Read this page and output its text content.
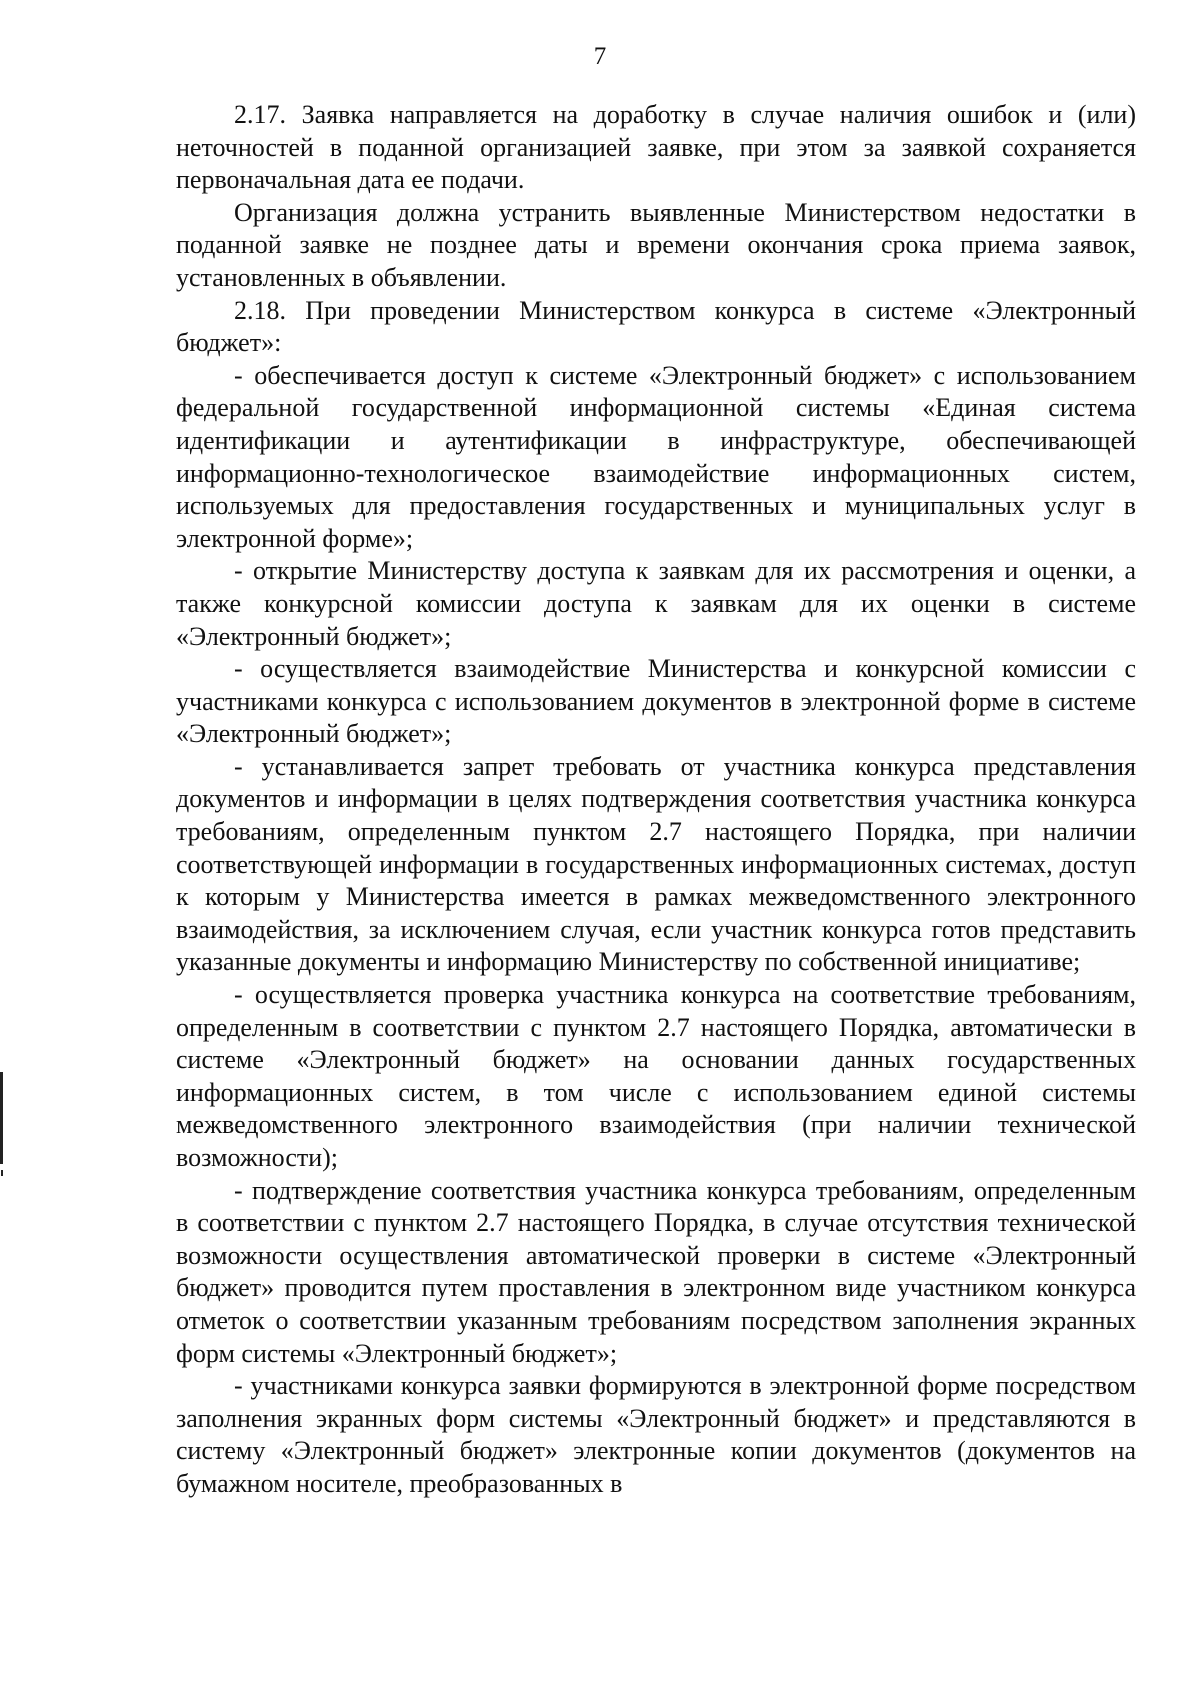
7

2.17. Заявка направляется на доработку в случае наличия ошибок и (или) неточностей в поданной организацией заявке, при этом за заявкой сохраняется первоначальная дата ее подачи.

Организация должна устранить выявленные Министерством недостатки в поданной заявке не позднее даты и времени окончания срока приема заявок, установленных в объявлении.

2.18. При проведении Министерством конкурса в системе «Электронный бюджет»:

- обеспечивается доступ к системе «Электронный бюджет» с использованием федеральной государственной информационной системы «Единая система идентификации и аутентификации в инфраструктуре, обеспечивающей информационно-технологическое взаимодействие информационных систем, используемых для предоставления государственных и муниципальных услуг в электронной форме»;

- открытие Министерству доступа к заявкам для их рассмотрения и оценки, а также конкурсной комиссии доступа к заявкам для их оценки в системе «Электронный бюджет»;

- осуществляется взаимодействие Министерства и конкурсной комиссии с участниками конкурса с использованием документов в электронной форме в системе «Электронный бюджет»;

- устанавливается запрет требовать от участника конкурса представления документов и информации в целях подтверждения соответствия участника конкурса требованиям, определенным пунктом 2.7 настоящего Порядка, при наличии соответствующей информации в государственных информационных системах, доступ к которым у Министерства имеется в рамках межведомственного электронного взаимодействия, за исключением случая, если участник конкурса готов представить указанные документы и информацию Министерству по собственной инициативе;

- осуществляется проверка участника конкурса на соответствие требованиям, определенным в соответствии с пунктом 2.7 настоящего Порядка, автоматически в системе «Электронный бюджет» на основании данных государственных информационных систем, в том числе с использованием единой системы межведомственного электронного взаимодействия (при наличии технической возможности);

- подтверждение соответствия участника конкурса требованиям, определенным в соответствии с пунктом 2.7 настоящего Порядка, в случае отсутствия технической возможности осуществления автоматической проверки в системе «Электронный бюджет» проводится путем проставления в электронном виде участником конкурса отметок о соответствии указанным требованиям посредством заполнения экранных форм системы «Электронный бюджет»;

- участниками конкурса заявки формируются в электронной форме посредством заполнения экранных форм системы «Электронный бюджет» и представляются в систему «Электронный бюджет» электронные копии документов (документов на бумажном носителе, преобразованных в
